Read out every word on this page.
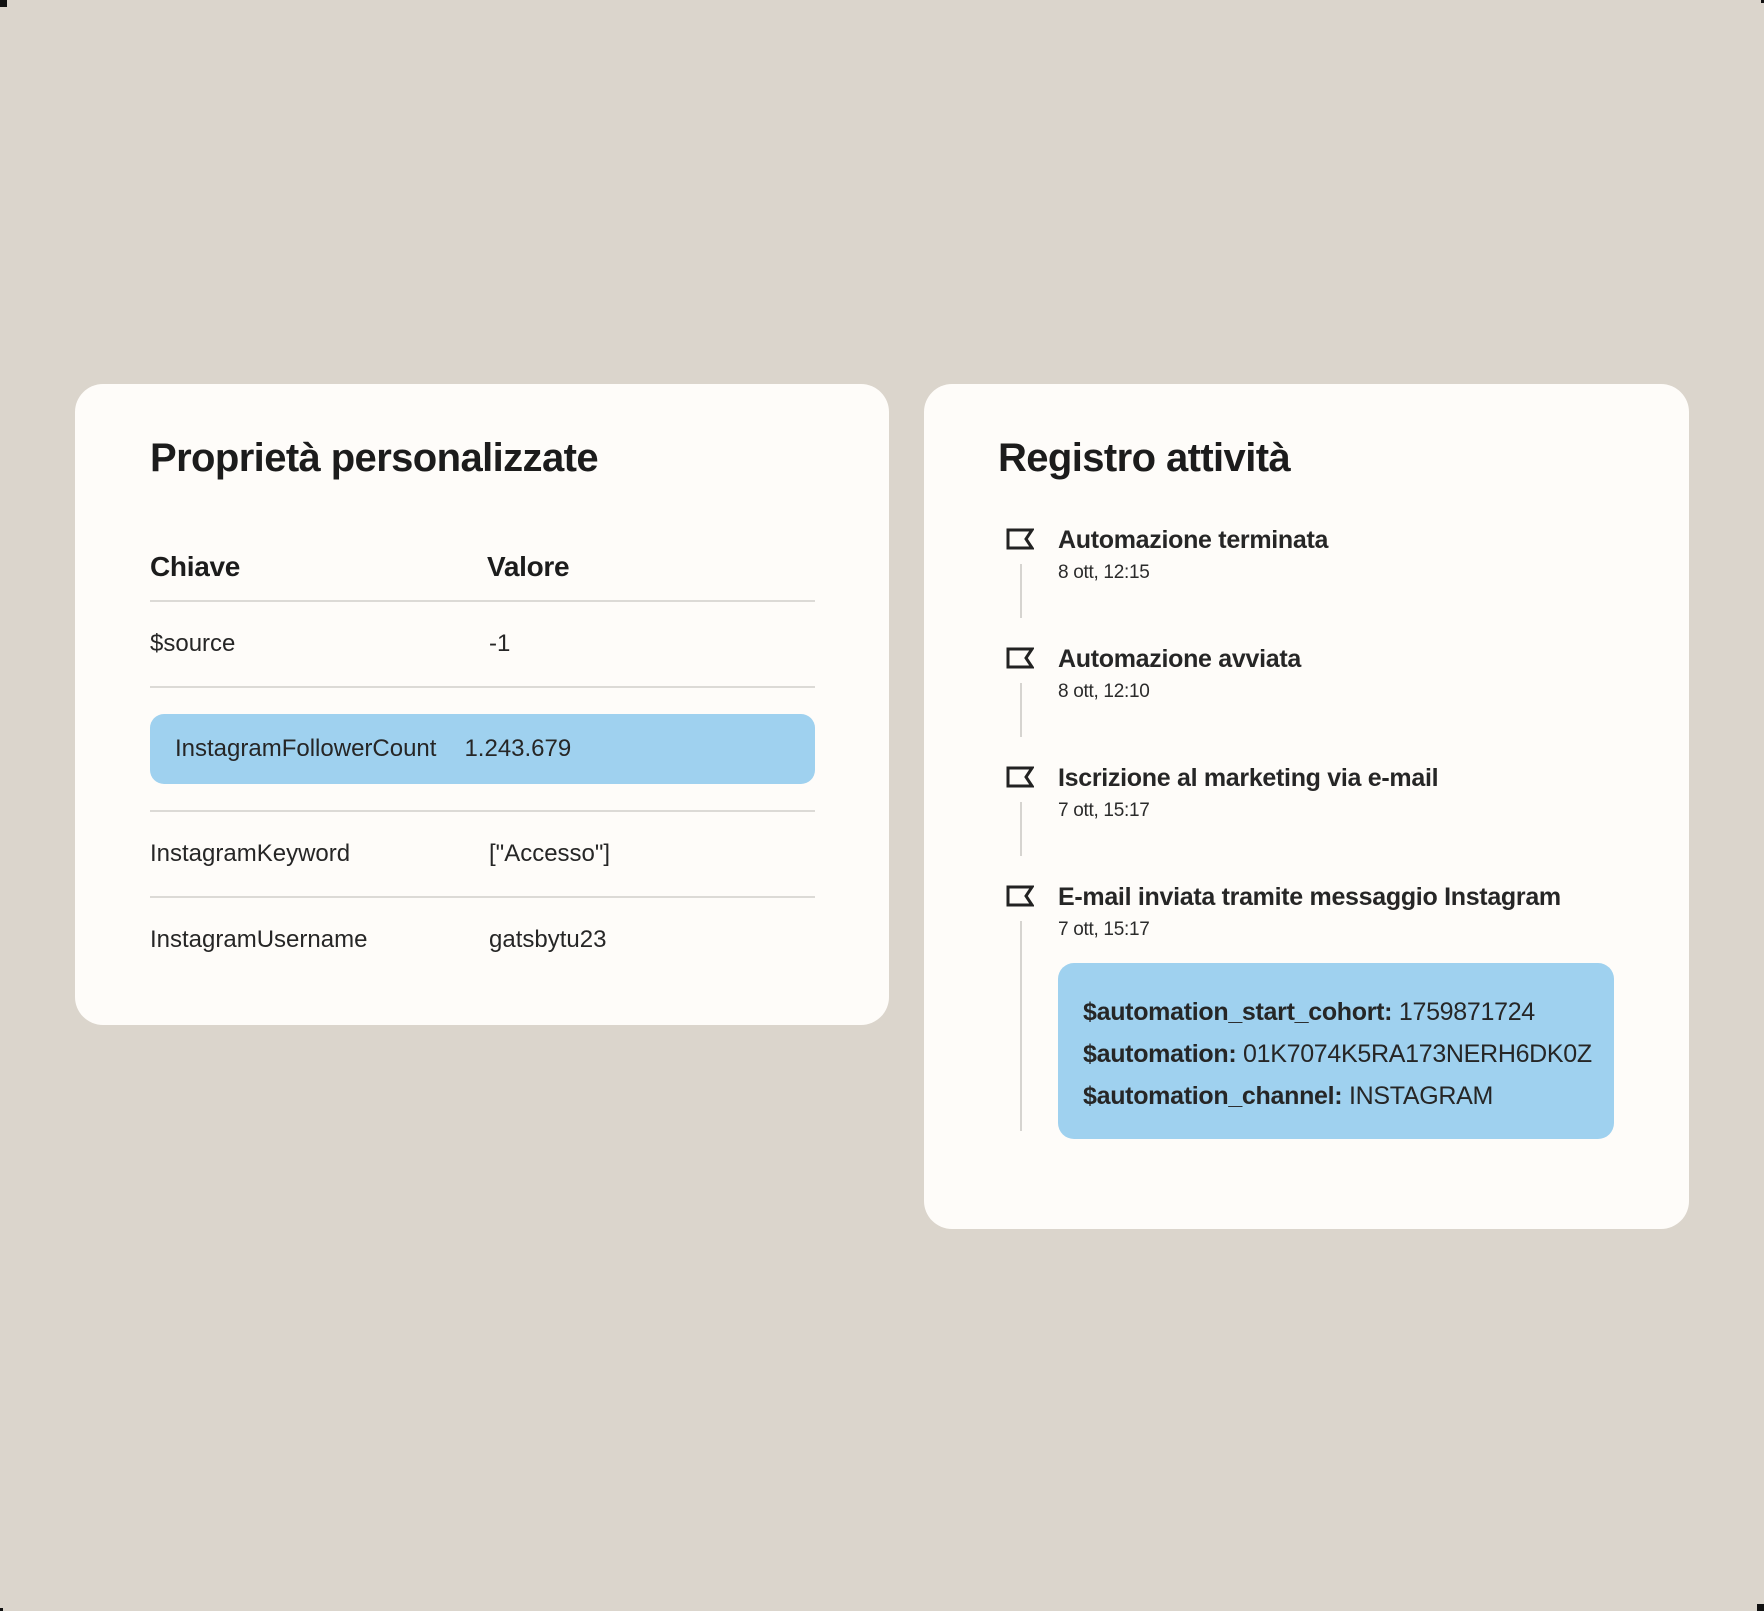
Proprietà personalizzate
Chiave	Valore
$source	-1
InstagramFollowerCount	1.243.679
InstagramKeyword	["Accesso"]
InstagramUsername	gatsbytu23
Registro attività
Automazione terminata
8 ott, 12:15
Automazione avviata
8 ott, 12:10
Iscrizione al marketing via e-mail
7 ott, 15:17
E-mail inviata tramite messaggio Instagram
7 ott, 15:17
$automation_start_cohort: 1759871724
$automation: 01K7074K5RA173NERH6DK0Z
$automation_channel: INSTAGRAM
